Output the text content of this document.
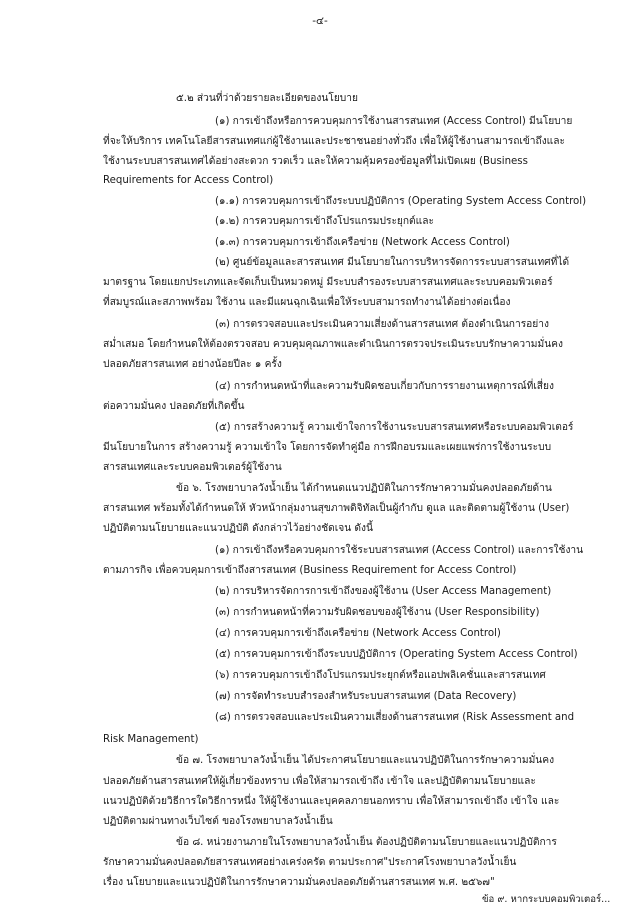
-๔-
๕.๒ ส่วนที่ว่าด้วยรายละเอียดของนโยบาย
(๑) การเข้าถึงหรือการควบคุมการใช้งานสารสนเทศ (Access Control) มีนโยบาย
ที่จะให้บริการ เทคโนโลยีสารสนเทศแก่ผู้ใช้งานและประชาชนอย่างทั่วถึง เพื่อให้ผู้ใช้งานสามารถเข้าถึงและ
ใช้งานระบบสารสนเทศได้อย่างสะดวก รวดเร็ว และให้ความคุ้มครองข้อมูลที่ไม่เปิดเผย (Business
Requirements for Access Control)
(๑.๑) การควบคุมการเข้าถึงระบบปฏิบัติการ (Operating System Access Control)
(๑.๒) การควบคุมการเข้าถึงโปรแกรมประยุกต์และ
(๑.๓) การควบคุมการเข้าถึงเครือข่าย (Network Access Control)
(๒) ศูนย์ข้อมูลและสารสนเทศ มีนโยบายในการบริหารจัดการระบบสารสนเทศที่ได้
มาตรฐาน โดยแยกประเภทและจัดเก็บเป็นหมวดหมู่ มีระบบสำรองระบบสารสนเทศและระบบคอมพิวเตอร์
ที่สมบูรณ์และสภาพพร้อม ใช้งาน และมีแผนฉุกเฉินเพื่อให้ระบบสามารถทำงานได้อย่างต่อเนื่อง
(๓) การตรวจสอบและประเมินความเสี่ยงด้านสารสนเทศ ต้องดำเนินการอย่าง
สม่ำเสมอ โดยกำหนดให้ต้องตรวจสอบ ควบคุมคุณภาพและดำเนินการตรวจประเมินระบบรักษาความมั่นคง
ปลอดภัยสารสนเทศ อย่างน้อยปีละ ๑ ครั้ง
(๔) การกำหนดหน้าที่และความรับผิดชอบเกี่ยวกับการรายงานเหตุการณ์ที่เสี่ยง
ต่อความมั่นคง ปลอดภัยที่เกิดขึ้น
(๕) การสร้างความรู้ ความเข้าใจการใช้งานระบบสารสนเทศหรือระบบคอมพิวเตอร์
มีนโยบายในการ สร้างความรู้ ความเข้าใจ โดยการจัดทำคู่มือ การฝึกอบรมและเผยแพร่การใช้งานระบบ
สารสนเทศและระบบคอมพิวเตอร์ผู้ใช้งาน
ข้อ ๖. โรงพยาบาลวังน้ำเย็น ได้กำหนดแนวปฏิบัติในการรักษาความมั่นคงปลอดภัยด้าน
สารสนเทศ พร้อมทั้งได้กำหนดให้ หัวหน้ากลุ่มงานสุขภาพดิจิทัลเป็นผู้กำกับ ดูแล และติดตามผู้ใช้งาน (User)
ปฏิบัติตามนโยบายและแนวปฏิบัติ ดังกล่าวไว้อย่างชัดเจน ดังนี้
(๑) การเข้าถึงหรือควบคุมการใช้ระบบสารสนเทศ (Access Control) และการใช้งาน
ตามภารกิจ เพื่อควบคุมการเข้าถึงสารสนเทศ (Business Requirement for Access Control)
(๒) การบริหารจัดการการเข้าถึงของผู้ใช้งาน (User Access Management)
(๓) การกำหนดหน้าที่ความรับผิดชอบของผู้ใช้งาน (User Responsibility)
(๔) การควบคุมการเข้าถึงเครือข่าย (Network Access Control)
(๕) การควบคุมการเข้าถึงระบบปฏิบัติการ (Operating System Access Control)
(๖) การควบคุมการเข้าถึงโปรแกรมประยุกต์หรือแอปพลิเคชั่นและสารสนเทศ
(๗) การจัดทำระบบสำรองสำหรับระบบสารสนเทศ (Data Recovery)
(๘) การตรวจสอบและประเมินความเสี่ยงด้านสารสนเทศ (Risk Assessment and
Risk Management)
ข้อ ๗. โรงพยาบาลวังน้ำเย็น ได้ประกาศนโยบายและแนวปฏิบัติในการรักษาความมั่นคง
ปลอดภัยด้านสารสนเทศให้ผู้เกี่ยวข้องทราบ เพื่อให้สามารถเข้าถึง เข้าใจ และปฏิบัติตามนโยบายและ
แนวปฏิบัติด้วยวิธีการใดวิธีการหนึ่ง ให้ผู้ใช้งานและบุคคลภายนอกทราบ เพื่อให้สามารถเข้าถึง เข้าใจ และ
ปฏิบัติตามผ่านทางเว็บไซต์ ของโรงพยาบาลวังน้ำเย็น
ข้อ ๘. หน่วยงานภายในโรงพยาบาลวังน้ำเย็น ต้องปฏิบัติตามนโยบายและแนวปฏิบัติการ
รักษาความมั่นคงปลอดภัยสารสนเทศอย่างเคร่งครัด ตามประกาศ"ประกาศโรงพยาบาลวังน้ำเย็น
เรื่อง นโยบายและแนวปฏิบัติในการรักษาความมั่นคงปลอดภัยด้านสารสนเทศ พ.ศ. ๒๕๖๗"
ข้อ ๙. หากระบบคอมพิวเตอร์...
